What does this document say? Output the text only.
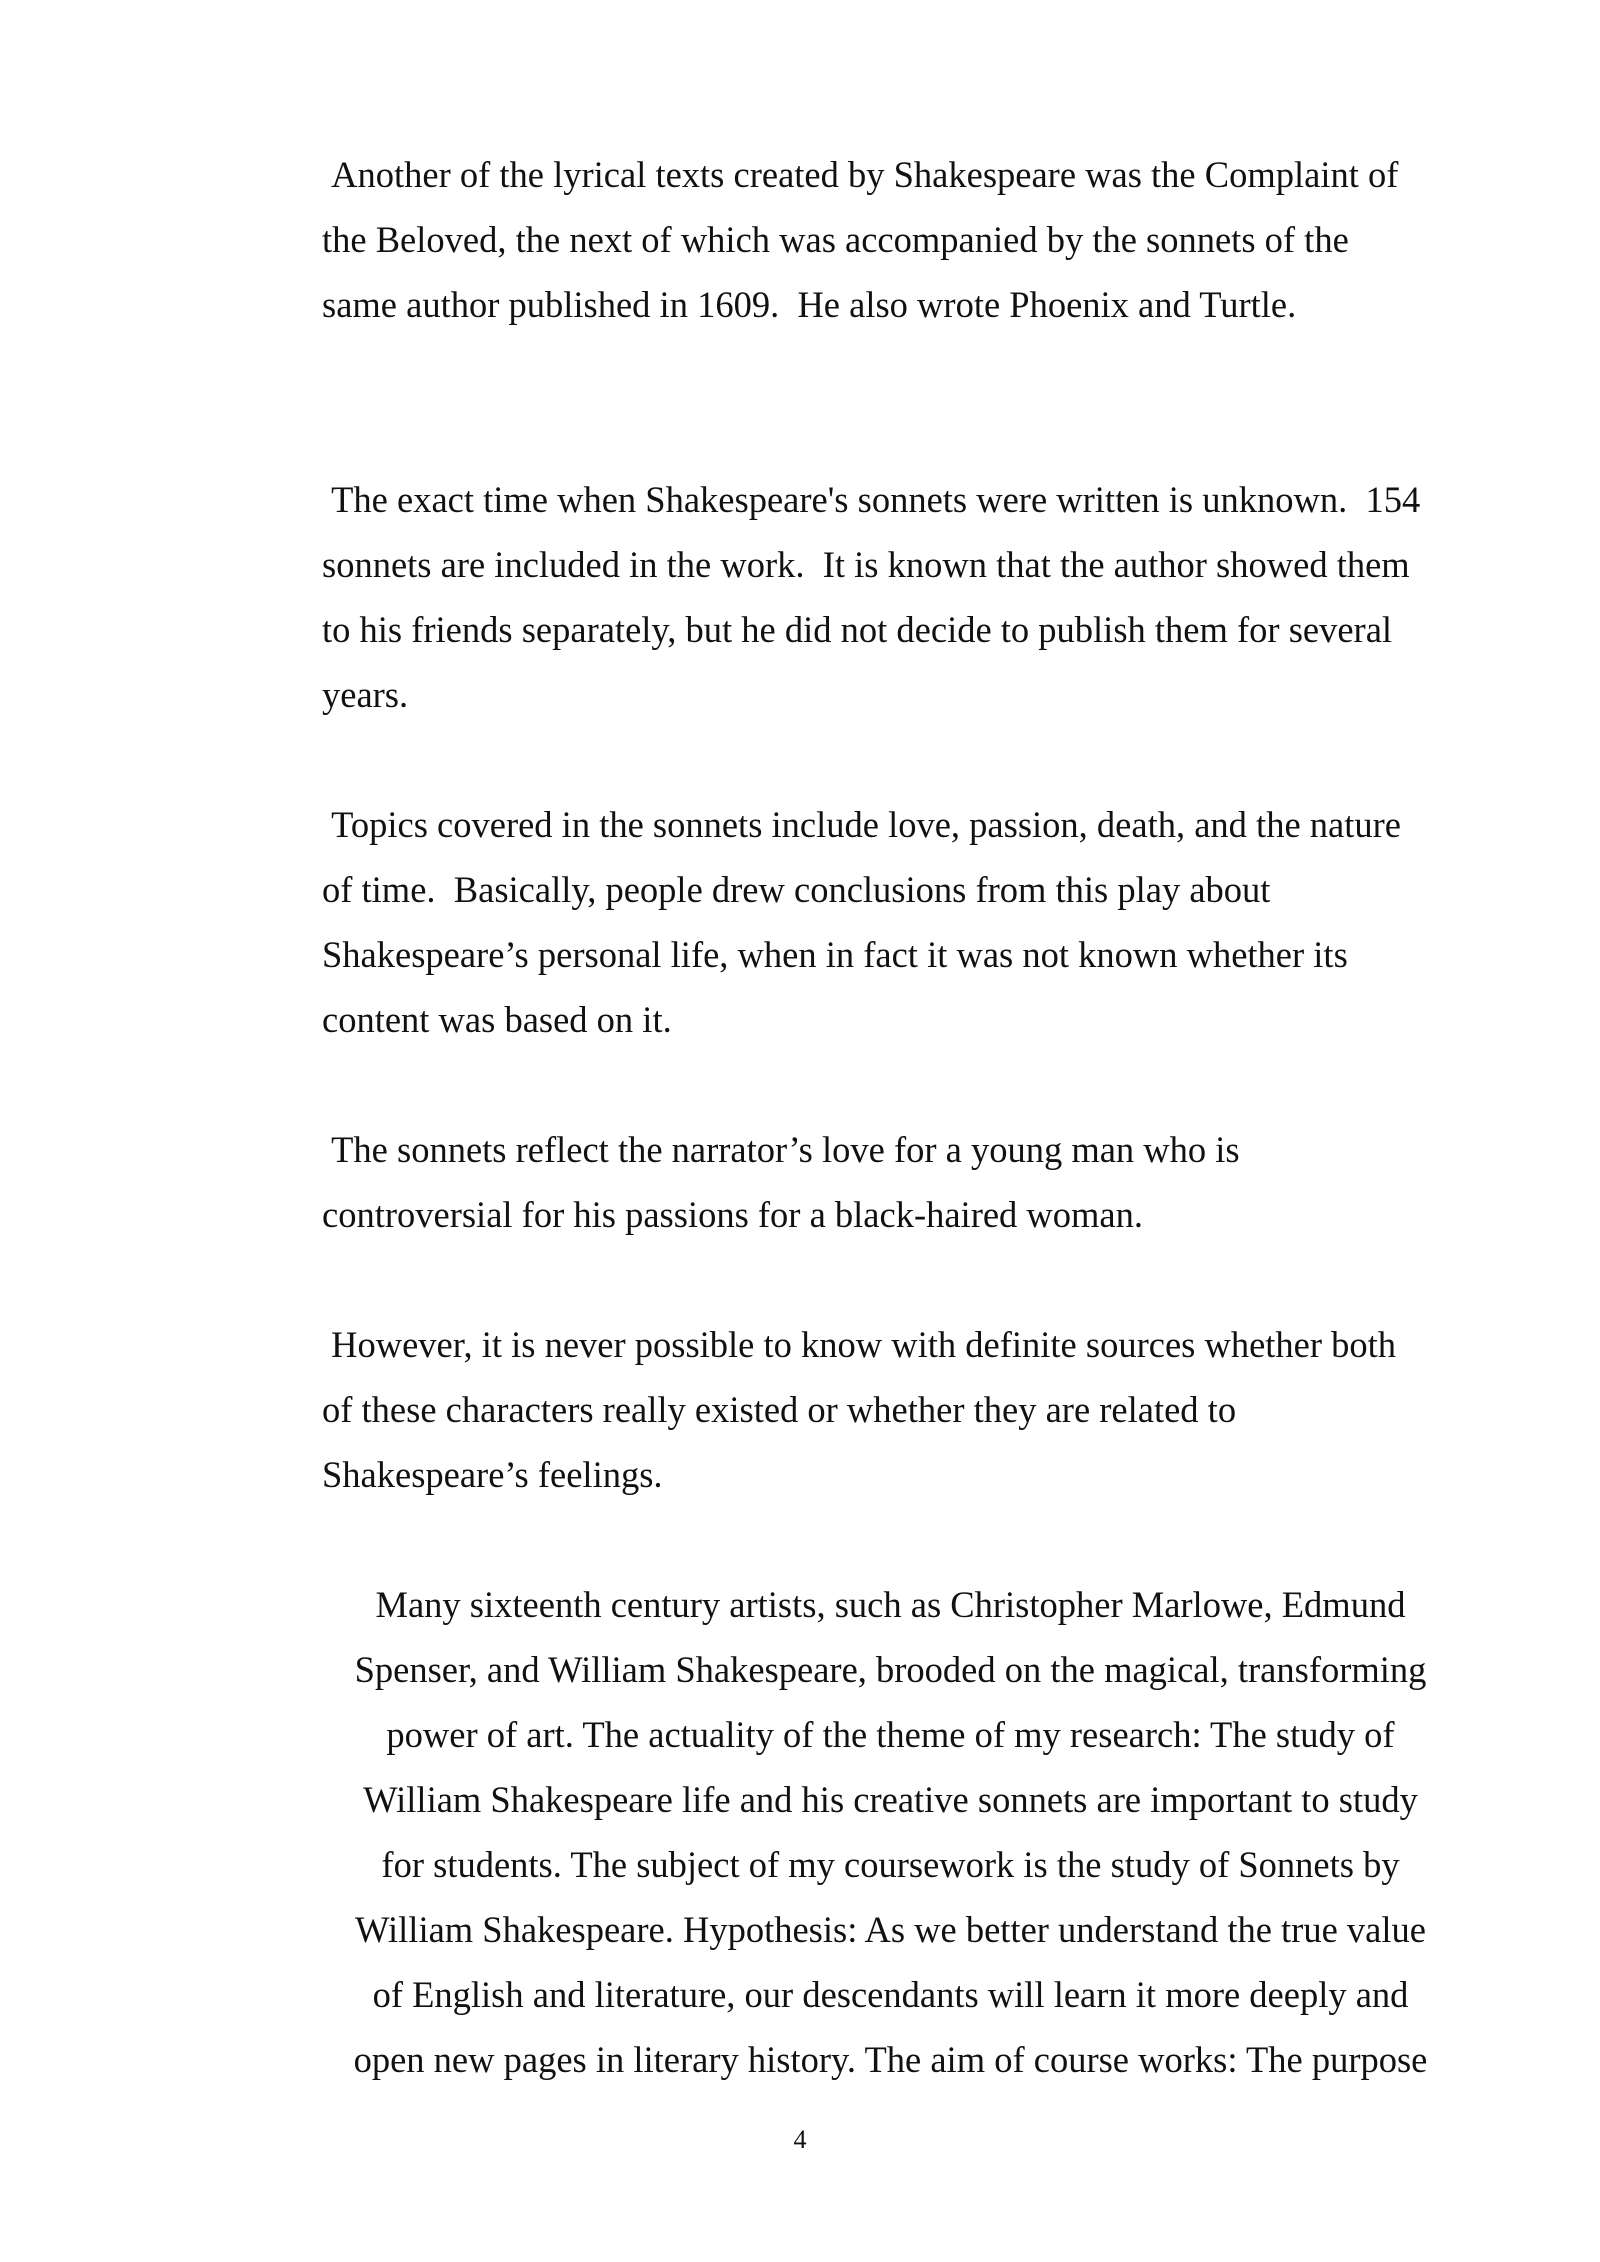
Another of the lyrical texts created by Shakespeare was the Complaint of
the Beloved, the next of which was accompanied by the sonnets of the
same author published in 1609.  He also wrote Phoenix and Turtle.

The exact time when Shakespeare's sonnets were written is unknown.  154
sonnets are included in the work.  It is known that the author showed them
to his friends separately, but he did not decide to publish them for several
years.

Topics covered in the sonnets include love, passion, death, and the nature
of time.  Basically, people drew conclusions from this play about
Shakespeare’s personal life, when in fact it was not known whether its
content was based on it.

The sonnets reflect the narrator’s love for a young man who is
controversial for his passions for a black-haired woman.

However, it is never possible to know with definite sources whether both
of these characters really existed or whether they are related to
Shakespeare’s feelings.

Many sixteenth century artists, such as Christopher Marlowe, Edmund
Spenser, and William Shakespeare, brooded on the magical, transforming
power of art. The actuality of the theme of my research: The study of
William Shakespeare life and his creative sonnets are important to study
for students. The subject of my coursework is the study of Sonnets by
William Shakespeare. Hypothesis: As we better understand the true value
of English and literature, our descendants will learn it more deeply and
open new pages in literary history. The aim of course works: The purpose

4
